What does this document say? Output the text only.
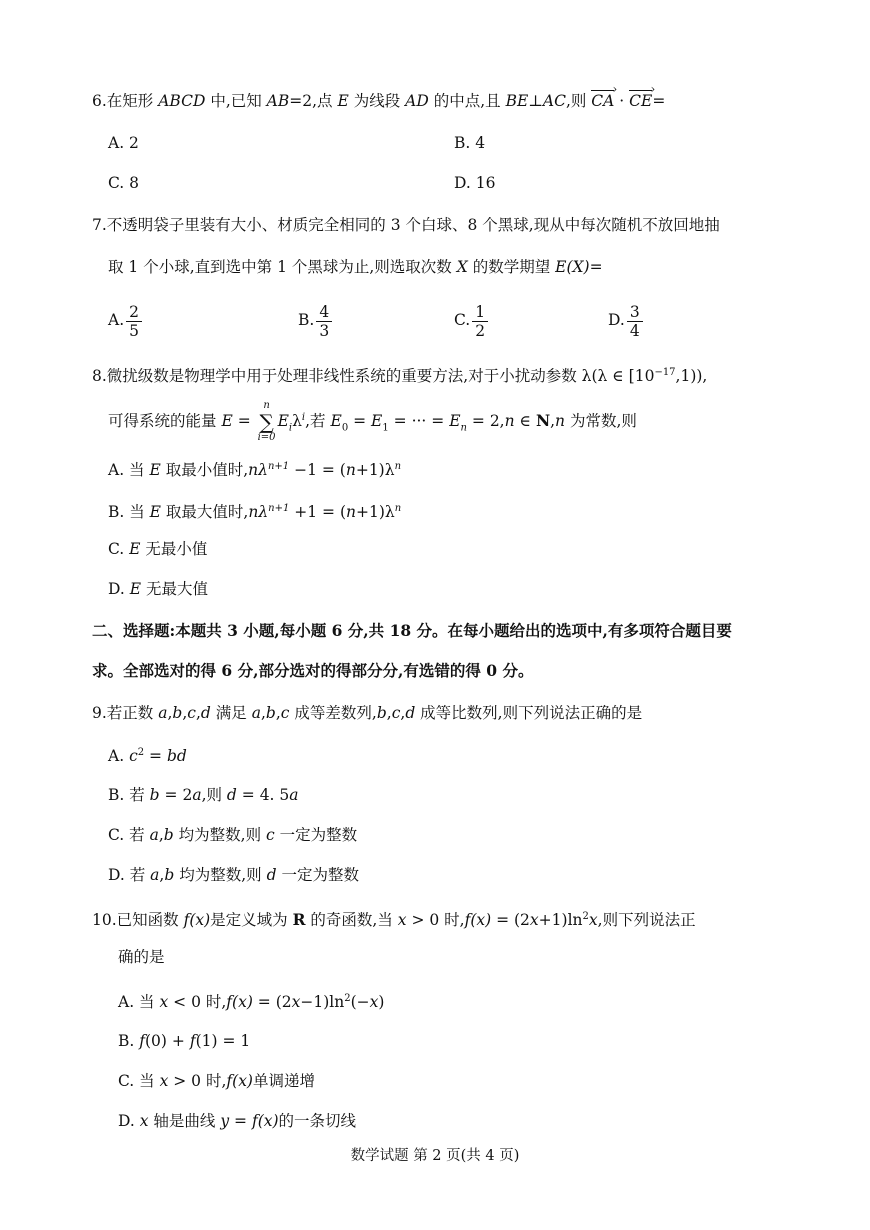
6.在矩形 ABCD 中,已知 AB=2,点 E 为线段 AD 的中点,且 BE⊥AC,则 CA › · CE ›=
A. 2	B. 4
C. 8	D. 16
7.不透明袋子里装有大小、材质完全相同的 3 个白球、8 个黑球,现从中每次随机不放回地抽
取 1 个小球,直到选中第 1 个黑球为止,则选取次数 X 的数学期望 E(X)=
A. $\frac{2}{5}$	B. $\frac{4}{3}$	C. $\frac{1}{2}$	D. $\frac{3}{4}$
8.微扰级数是物理学中用于处理非线性系统的重要方法,对于小扰动参数 λ(λ ∈ $[10^{-17},1)$),
可得系统的能量 E = n
∑
$i=0E_i\lambda^i$,若 $E_0 = E_1$ = ··· = $E_n = 2,n$ ∈ N,n 为常数,则
A. 当 E 取最小值时$,n\lambda^{n+1} -1 = (n+1)\lambda^n$
B. 当 E 取最大值时$,n\lambda^{n+1} +1 = (n+1)\lambda^n$
C. E 无最小值
D. E 无最大值
二、选择题:本题共 3 小题,每小题 6 分,共 18 分。在每小题给出的选项中,有多项符合题目要
求。全部选对的得 6 分,部分选对的得部分分,有选错的得 0 分。
9.若正数 a,b,c,d 满足 a,b,c 成等差数列,b,c,d 成等比数列,则下列说法正确的是
A. $c^2$ = bd
B. 若 b = 2a,则 d = 4. 5a
C. 若 a,b 均为整数,则 c 一定为整数
D. 若 a,b 均为整数,则 d 一定为整数
10.已知函数 f(x)是定义域为 R 的奇函数,当 x > 0 时$,f(x) = (2x+1)\ln^2x$,则下列说法正
确的是
A. 当 x < 0 时$,f(x) = (2x-1)\ln^2(-x)$
B. f(0) + f(1) = 1
C. 当 x > 0 时,f(x)单调递增
D. x 轴是曲线 y = f(x)的一条切线
数学试题 第 2 页(共 4 页)
